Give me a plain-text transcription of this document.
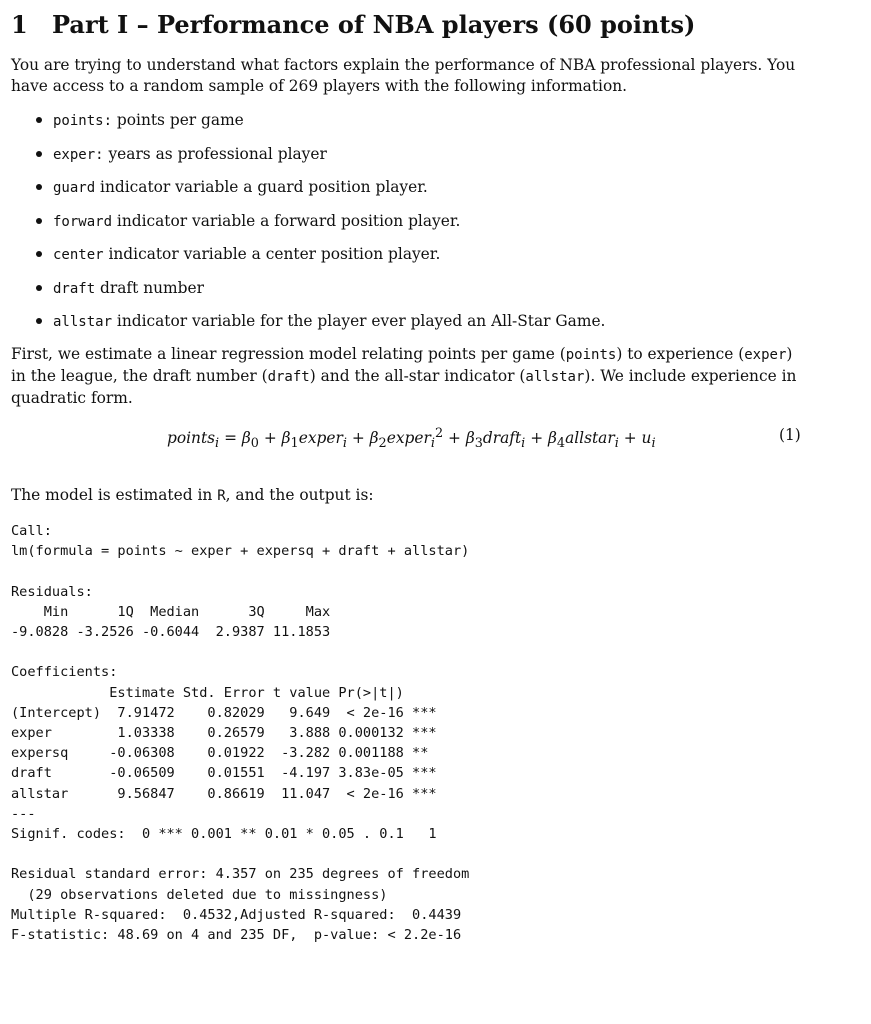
1 Part I – Performance of NBA players (60 points)

You are trying to understand what factors explain the performance of NBA professional players. You have access to a random sample of 269 players with the following information.

points: points per game
exper: years as professional player
guard indicator variable a guard position player.
forward indicator variable a forward position player.
center indicator variable a center position player.
draft draft number
allstar indicator variable for the player ever played an All-Star Game.

First, we estimate a linear regression model relating points per game (points) to experience (exper) in the league, the draft number (draft) and the all-star indicator (allstar). We include experience in quadratic form.

points$_i$ = $\beta_0$ + $\beta_1exper_i$ + $\beta_2exper_i^2$ + $\beta_3draft_i$ + $\beta_4allstar_i + u_i$	(1)

The model is estimated in R, and the output is:

Call:
lm(formula = points ~ exper + expersq + draft + allstar)
Residuals:
Min      1Q  Median      3Q     Max
-9.0828 -3.2526 -0.6044  2.9387 11.1853
Coefficients:
Estimate Std. Error t value Pr(>|t|)
(Intercept)  7.91472    0.82029   9.649  < 2e-16 ***
exper        1.03338    0.26579   3.888 0.000132 ***
expersq     -0.06308    0.01922  -3.282 0.001188 **
draft       -0.06509    0.01551  -4.197 3.83e-05 ***
allstar      9.56847    0.86619  11.047  < 2e-16 ***
---
Signif. codes:  0 *** 0.001 ** 0.01 * 0.05 . 0.1   1
Residual standard error: 4.357 on 235 degrees of freedom
(29 observations deleted due to missingness)
Multiple R-squared:  0.4532,Adjusted R-squared:  0.4439
F-statistic: 48.69 on 4 and 235 DF,  p-value: < 2.2e-16
